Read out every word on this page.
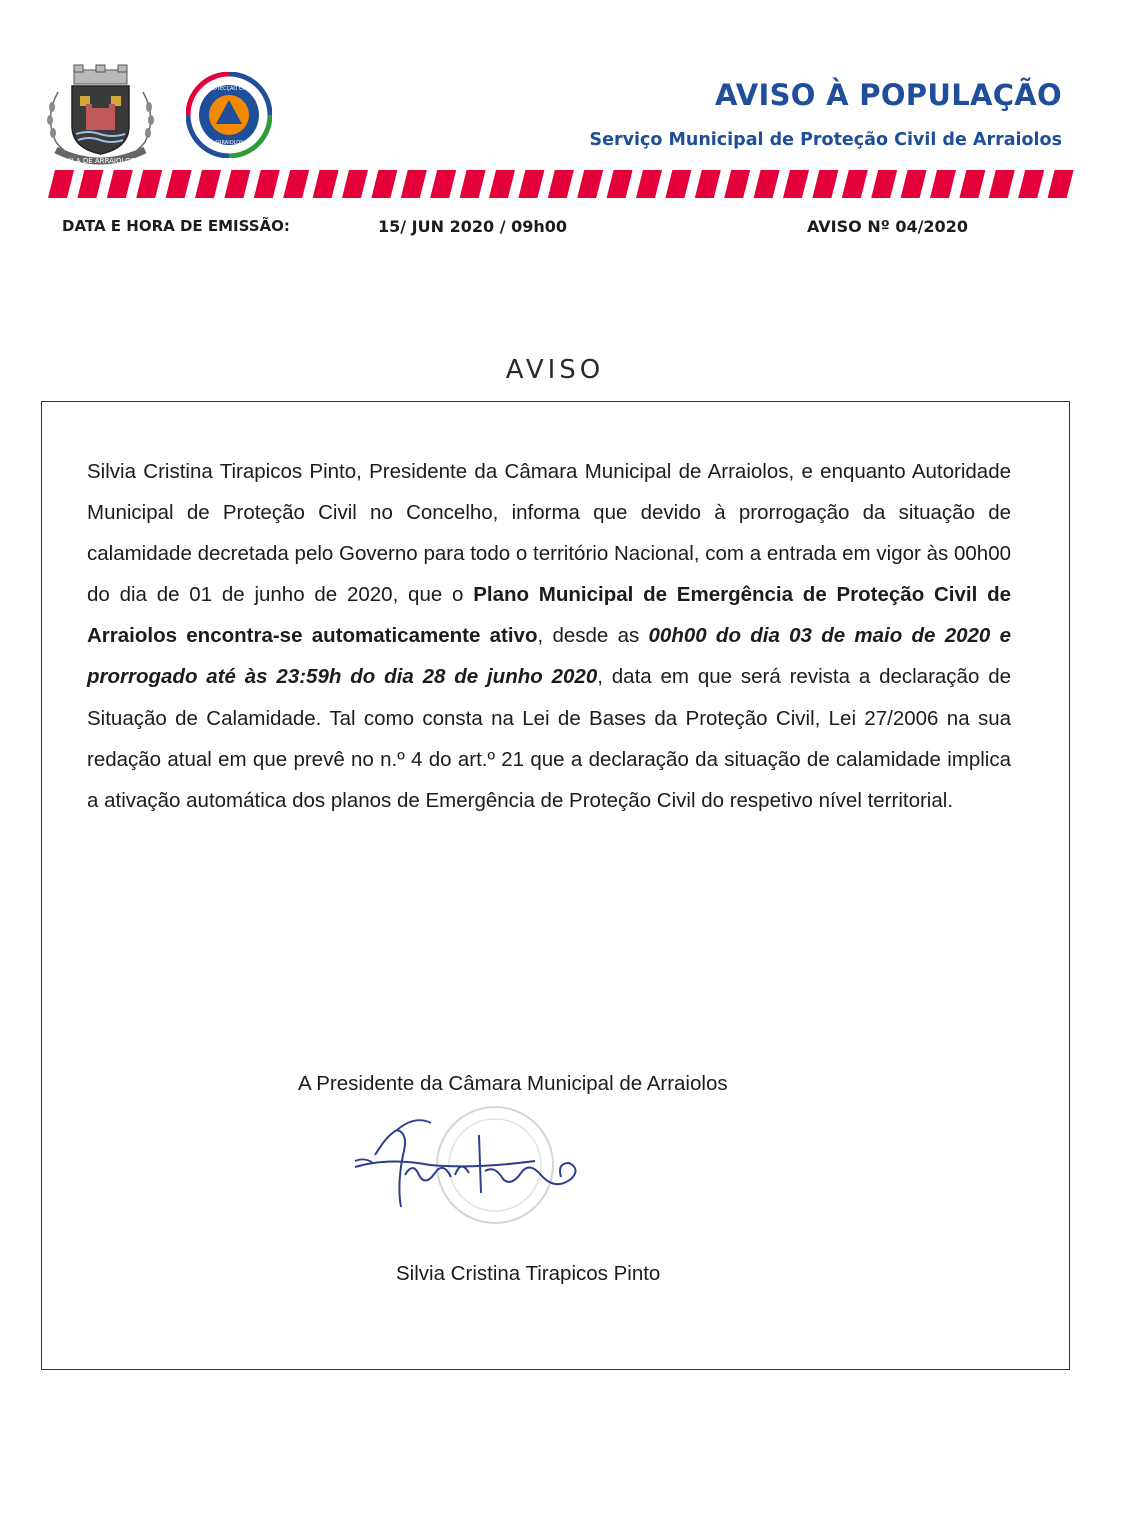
VILA DE ARRAIOLOS
PROTECÇÃO CIVIL
ARRAIOLOS
AVISO À POPULAÇÃO
Serviço Municipal de Proteção Civil de Arraiolos
DATA E HORA DE EMISSÃO:	15/ JUN 2020 / 09h00	AVISO Nº 04/2020
AVISO
Silvia Cristina Tirapicos Pinto, Presidente da Câmara Municipal de Arraiolos, e enquanto Autoridade Municipal de Proteção Civil no Concelho, informa que devido à prorrogação da situação de calamidade decretada pelo Governo para todo o território Nacional, com a entrada em vigor às 00h00 do dia de 01 de junho de 2020, que o Plano Municipal de Emergência de Proteção Civil de Arraiolos encontra-se automaticamente ativo, desde as 00h00 do dia 03 de maio de 2020 e prorrogado até às 23:59h do dia 28 de junho 2020, data em que será revista a declaração de Situação de Calamidade. Tal como consta na Lei de Bases da Proteção Civil, Lei 27/2006 na sua redação atual em que prevê no n.º 4 do art.º 21 que a declaração da situação de calamidade implica a ativação automática dos planos de Emergência de Proteção Civil do respetivo nível territorial.
A Presidente da Câmara Municipal de Arraiolos
Silvia Cristina Tirapicos Pinto
